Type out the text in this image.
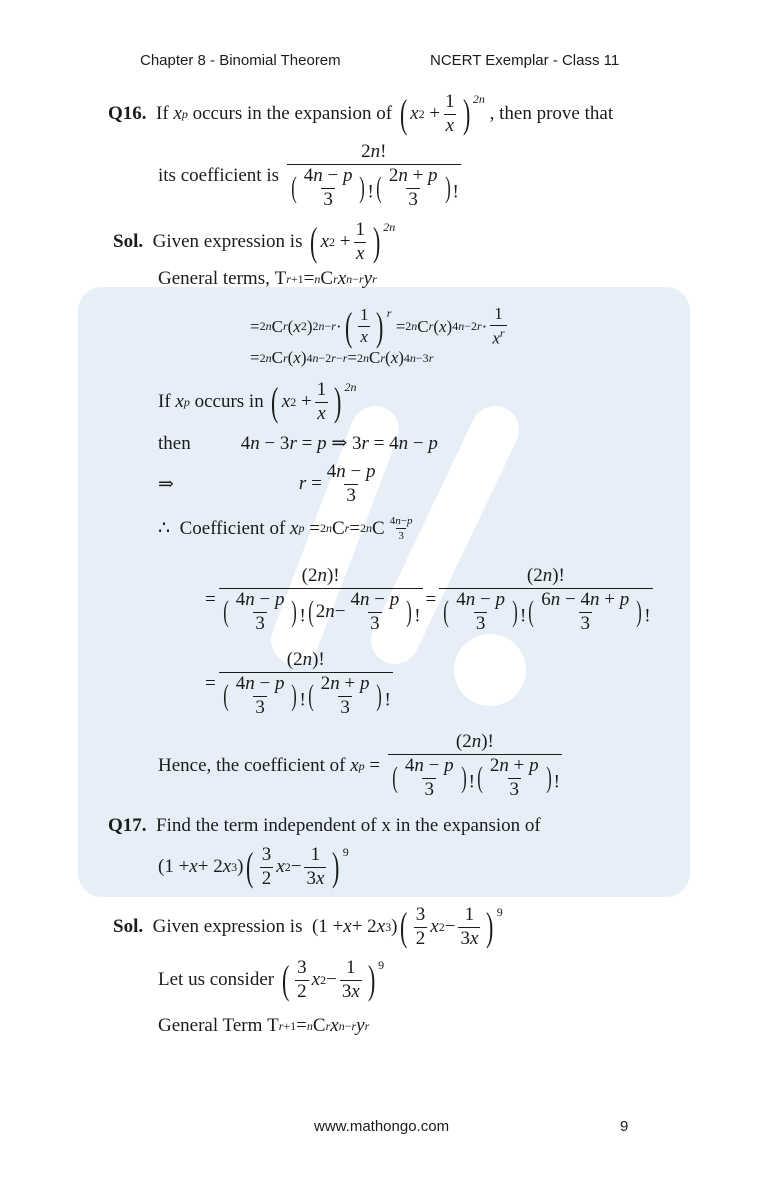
Chapter 8 - Binomial Theorem	NCERT Exemplar - Class 11
Q16.
If
x p
occurs in the expansion of
( x $2 + \frac{1}{x}$ ) $^{2n}$

, then prove that
its coefficient is
$\frac{2n!}{( \frac{4n - p}{3} ) ! ( \frac{2n + p}{3} ) !}$
Sol.
Given expression is
( x $2 + \frac{1}{x}$ ) $^{2n}$
General terms, T r+1 = n C r x n−r y r
= 2n C r ( x 2 ) 2n−r · ( $\frac{1}{x}$ ) $^r$
= 2n C r ( x ) $4n-2r \cdot \frac{1}{x^r}$
= 2n C r ( x ) 4n−2r−r = 2n C r ( x ) 4n−3r
If
x p
occurs in
( x $2 + \frac{1}{x}$ ) $^{2n}$
then	4n − 3r = p ⇒ 3r = 4n − p
⇒	$r = \frac{4n - p}{3}$
∴
Coefficient of
x p = 2n C r = 2n C $\frac{4n-p}{3}$
= $\frac{(2n)!}{( \frac{4n - p}{3} ) ! ( 2 n - \frac{4n - p}{3} ) !} = \frac{(2n)!}{( \frac{4n - p}{3} ) ! ( \frac{6n - 4n + p}{3} ) !}$
= $\frac{(2n)!}{( \frac{4n - p}{3} ) ! ( \frac{2n + p}{3} ) !}$
Hence, the coefficient of
x $p = \frac{(2n)!}{( \frac{4n - p}{3} ) ! ( \frac{2n + p}{3} ) !}$
Q17.
Find the term independent of x in the expansion of
(1 + x + 2 x 3 ) ( $\frac{3}{2}$ x $2 - \frac{1}{3x} )^9$
Sol.
Given expression is (1 + x + 2 x 3 ) ( $\frac{3}{2}$ x $2 - \frac{1}{3x} )^9$
Let us consider
( $\frac{3}{2}$ x $2 - \frac{1}{3x} )^9$
General Term T r+1 = n C r x n−r y r
www.mathongo.com	9
